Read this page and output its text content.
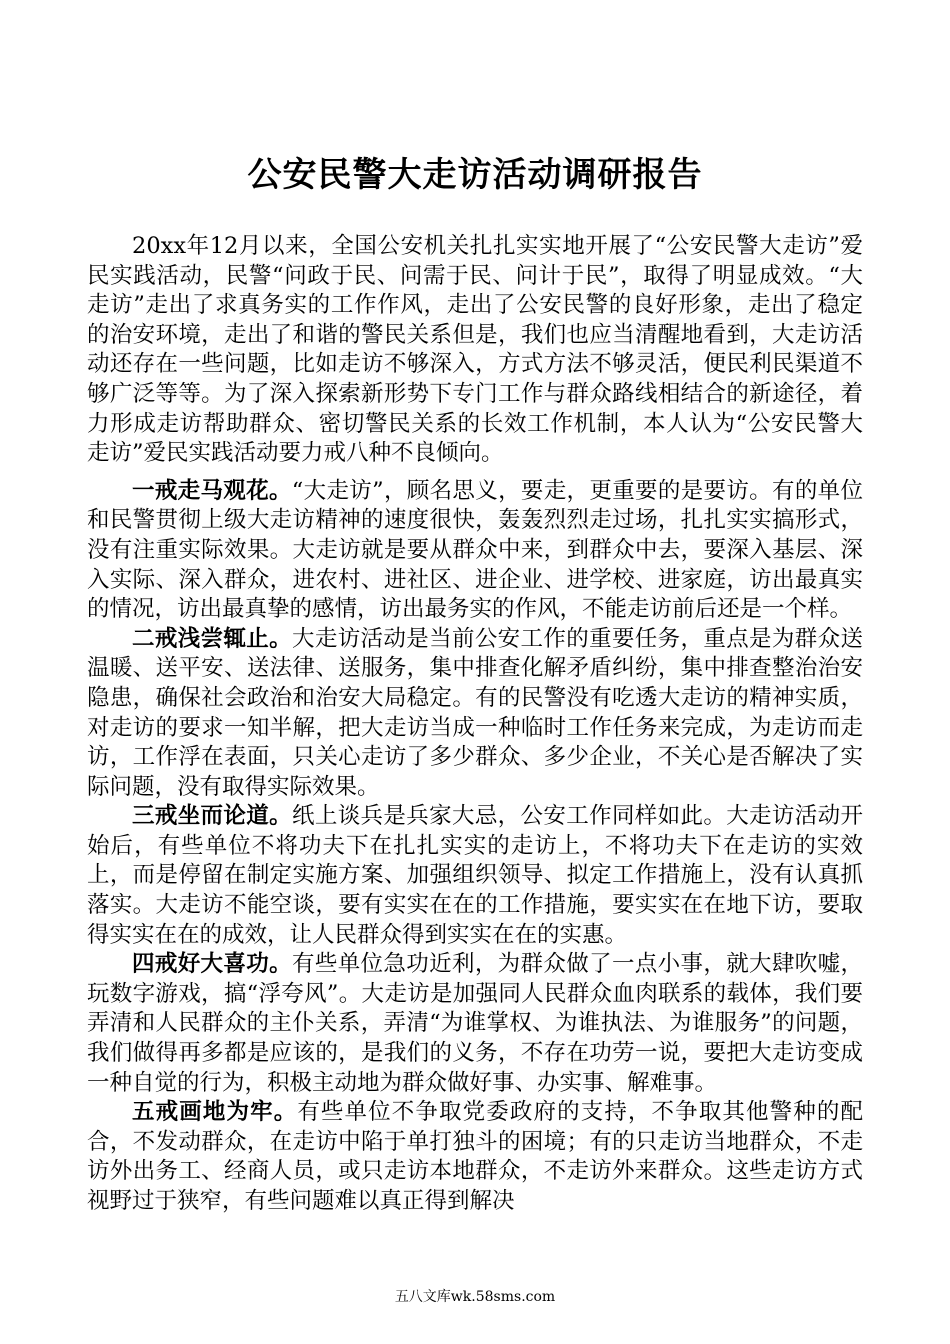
公安民警大走访活动调研报告

20xx年12月以来，全国公安机关扎扎实实地开展了“公安民警大走访”爱民实践活动，民警“问政于民、问需于民、问计于民”，取得了明显成效。“大走访”走出了求真务实的工作作风，走出了公安民警的良好形象，走出了稳定的治安环境，走出了和谐的警民关系但是，我们也应当清醒地看到，大走访活动还存在一些问题，比如走访不够深入，方式方法不够灵活，便民利民渠道不够广泛等等。为了深入探索新形势下专门工作与群众路线相结合的新途径，着力形成走访帮助群众、密切警民关系的长效工作机制，本人认为“公安民警大走访”爱民实践活动要力戒八种不良倾向。

一戒走马观花。“大走访”，顾名思义，要走，更重要的是要访。有的单位和民警贯彻上级大走访精神的速度很快，轰轰烈烈走过场，扎扎实实搞形式，没有注重实际效果。大走访就是要从群众中来，到群众中去，要深入基层、深入实际、深入群众，进农村、进社区、进企业、进学校、进家庭，访出最真实的情况，访出最真挚的感情，访出最务实的作风，不能走访前后还是一个样。

二戒浅尝辄止。大走访活动是当前公安工作的重要任务，重点是为群众送温暖、送平安、送法律、送服务，集中排查化解矛盾纠纷，集中排查整治治安隐患，确保社会政治和治安大局稳定。有的民警没有吃透大走访的精神实质，对走访的要求一知半解，把大走访当成一种临时工作任务来完成，为走访而走访，工作浮在表面，只关心走访了多少群众、多少企业，不关心是否解决了实际问题，没有取得实际效果。

三戒坐而论道。纸上谈兵是兵家大忌，公安工作同样如此。大走访活动开始后，有些单位不将功夫下在扎扎实实的走访上，不将功夫下在走访的实效上，而是停留在制定实施方案、加强组织领导、拟定工作措施上，没有认真抓落实。大走访不能空谈，要有实实在在的工作措施，要实实在在地下访，要取得实实在在的成效，让人民群众得到实实在在的实惠。

四戒好大喜功。有些单位急功近利，为群众做了一点小事，就大肆吹嘘，玩数字游戏，搞“浮夸风”。大走访是加强同人民群众血肉联系的载体，我们要弄清和人民群众的主仆关系，弄清“为谁掌权、为谁执法、为谁服务”的问题，我们做得再多都是应该的，是我们的义务，不存在功劳一说，要把大走访变成一种自觉的行为，积极主动地为群众做好事、办实事、解难事。

五戒画地为牢。有些单位不争取党委政府的支持，不争取其他警种的配合，不发动群众，在走访中陷于单打独斗的困境；有的只走访当地群众，不走访外出务工、经商人员，或只走访本地群众，不走访外来群众。这些走访方式视野过于狭窄，有些问题难以真正得到解决

五八文库wk.58sms.com
